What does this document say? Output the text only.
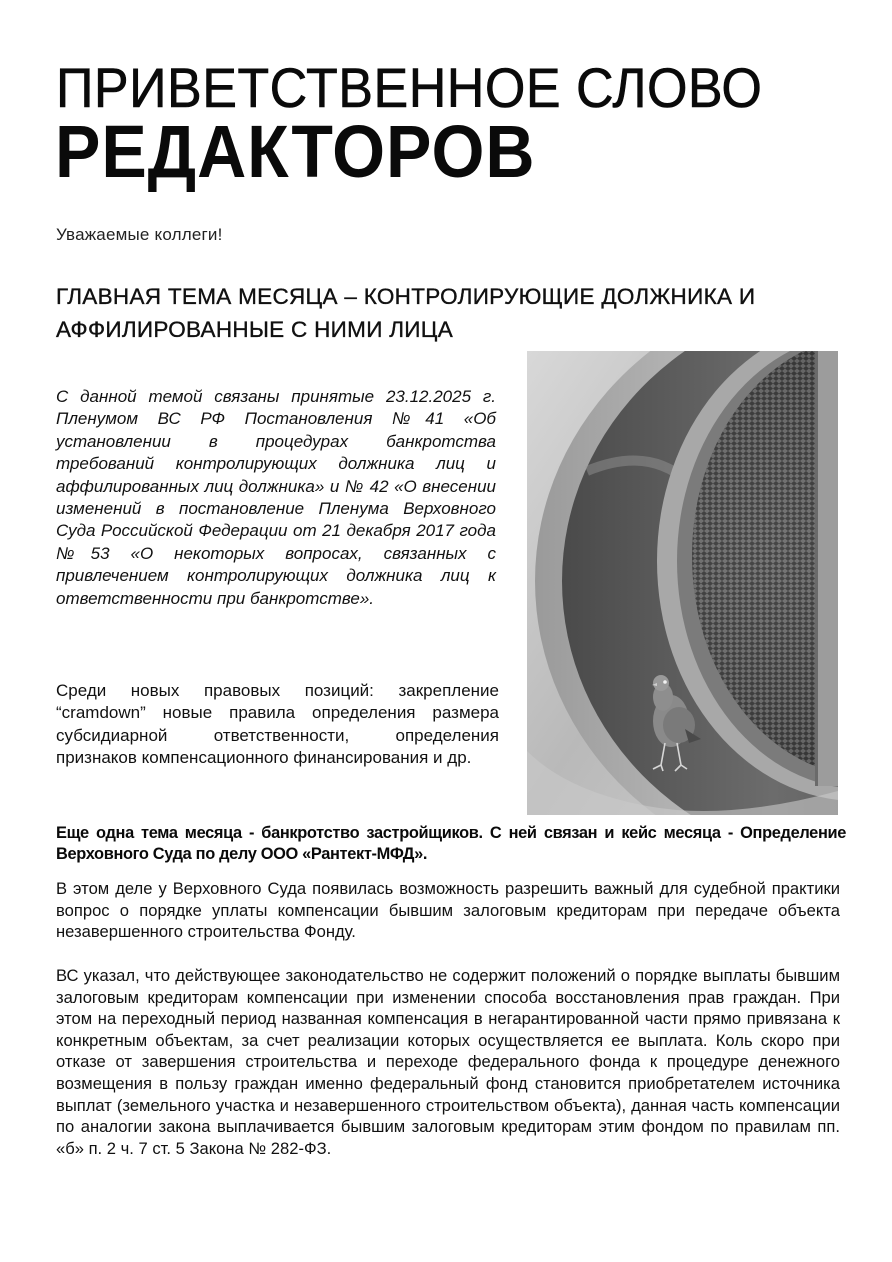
ПРИВЕТСТВЕННОЕ СЛОВО
РЕДАКТОРОВ

Уважаемые коллеги!

ГЛАВНАЯ ТЕМА МЕСЯЦА – КОНТРОЛИРУЮЩИЕ ДОЛЖНИКА И АФФИЛИРОВАННЫЕ С НИМИ ЛИЦА

С данной темой связаны принятые 23.12.2025 г. Пленумом ВС РФ Постановления №41 «Об установлении в процедурах банкротства требований контролирующих должника лиц и аффилированных лиц должника» и № 42 «О внесении изменений в постановление Пленума Верховного Суда Российской Федерации от 21 декабря 2017 года №53 «О некоторых вопросах, связанных с привлечением контролирующих должника лиц к ответственности при банкротстве».

Среди новых правовых позиций: закрепление “cramdown” новые правила определения размера субсидиарной ответственности, определения признаков компенсационного финансирования и др.

Еще одна тема месяца - банкротство застройщиков. С ней связан и кейс месяца - Определение Верховного Суда по делу ООО «Рантект-МФД».

В этом деле у Верховного Суда появилась возможность разрешить важный для судебной практики вопрос о порядке уплаты компенсации бывшим залоговым кредиторам при передаче объекта незавершенного строительства Фонду.

ВС указал, что действующее законодательство не содержит положений о порядке выплаты бывшим залоговым кредиторам компенсации при изменении способа восстановления прав граждан. При этом на переходный период названная компенсация в негарантированной части прямо привязана к конкретным объектам, за счет реализации которых осуществляется ее выплата. Коль скоро при отказе от завершения строительства и переходе федерального фонда к процедуре денежного возмещения в пользу граждан именно федеральный фонд становится приобретателем источника выплат (земельного участка и незавершенного строительством объекта), данная часть компенсации по аналогии закона выплачивается бывшим залоговым кредиторам этим фондом по правилам пп. «б» п. 2 ч. 7 ст. 5 Закона № 282-ФЗ.
